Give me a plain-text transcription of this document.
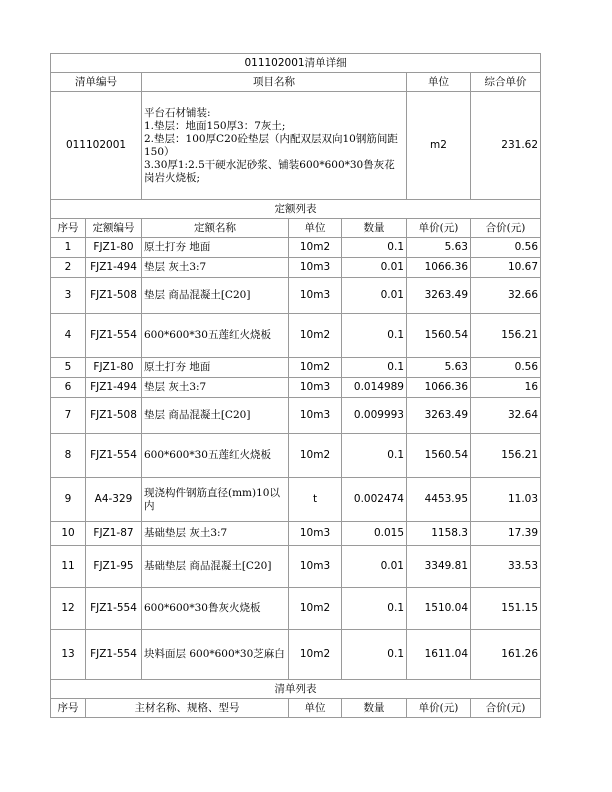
011102001清单详细						
清单编号		项目名称			单位	综合单价
011102001		平台石材铺装:
1.垫层：地面150厚3：7灰土;
2.垫层：100厚C20砼垫层（内配双层双向10钢筋间距150）
3.30厚1:2.5干硬水泥砂浆、铺装600*600*30鲁灰花岗岩火烧板;			m2	231.62
定额列表						
序号	定额编号	定额名称	单位	数量	单价(元)	合价(元)
1	FJZ1-80	原土打夯 地面	10m2	0.1	5.63	0.56
2	FJZ1-494	垫层 灰土3:7	10m3	0.01	1066.36	10.67
3	FJZ1-508	垫层 商品混凝土[C20]	10m3	0.01	3263.49	32.66
4	FJZ1-554	600*600*30五莲红火烧板	10m2	0.1	1560.54	156.21
5	FJZ1-80	原土打夯 地面	10m2	0.1	5.63	0.56
6	FJZ1-494	垫层 灰土3:7	10m3	0.014989	1066.36	16
7	FJZ1-508	垫层 商品混凝土[C20]	10m3	0.009993	3263.49	32.64
8	FJZ1-554	600*600*30五莲红火烧板	10m2	0.1	1560.54	156.21
9	A4-329	现浇构件钢筋直径(mm)10以内	t	0.002474	4453.95	11.03
10	FJZ1-87	基础垫层 灰土3:7	10m3	0.015	1158.3	17.39
11	FJZ1-95	基础垫层 商品混凝土[C20]	10m3	0.01	3349.81	33.53
12	FJZ1-554	600*600*30鲁灰火烧板	10m2	0.1	1510.04	151.15
13	FJZ1-554	块料面层 600*600*30芝麻白	10m2	0.1	1611.04	161.26
清单列表						
序号	主材名称、规格、型号		单位	数量	单价(元)	合价(元)
